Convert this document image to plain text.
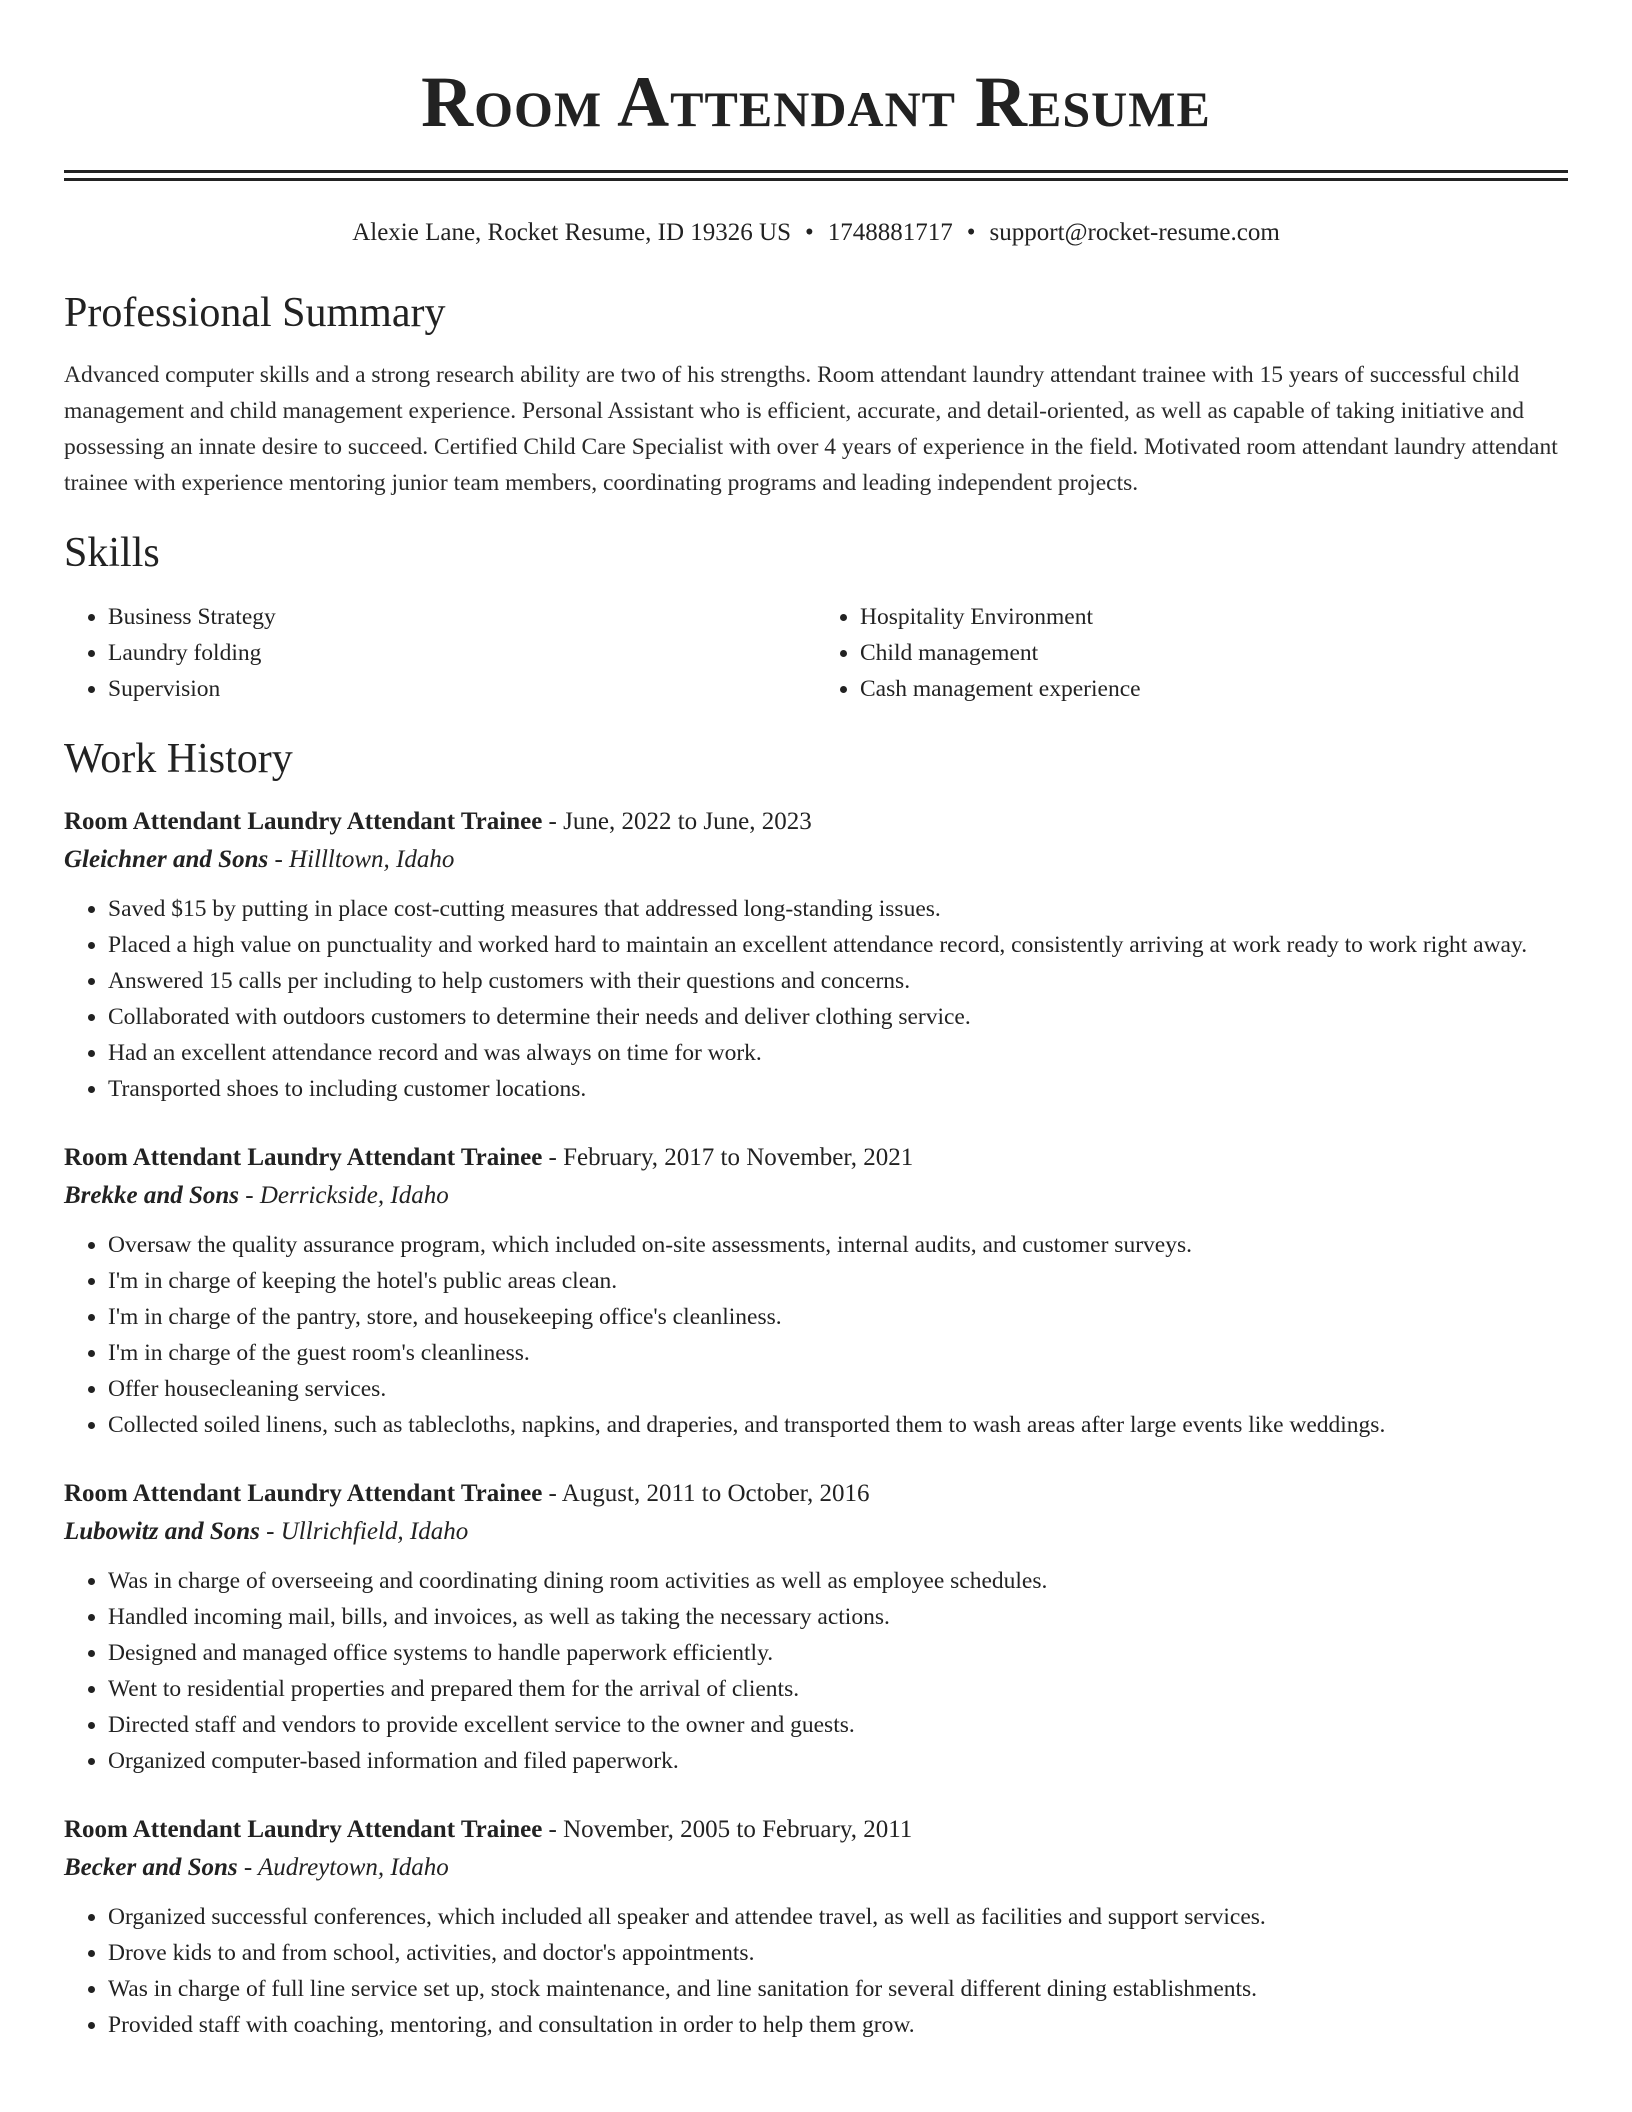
Room Attendant Resume
Alexie Lane, Rocket Resume, ID 19326 US • 1748881717 • support@rocket-resume.com
Professional Summary

Advanced computer skills and a strong research ability are two of his strengths. Room attendant laundry attendant trainee with 15 years of successful child management and child management experience. Personal Assistant who is efficient, accurate, and detail-oriented, as well as capable of taking initiative and possessing an innate desire to succeed. Certified Child Care Specialist with over 4 years of experience in the field. Motivated room attendant laundry attendant trainee with experience mentoring junior team members, coordinating programs and leading independent projects.

Skills
• Business Strategy
• Laundry folding
• Supervision
• Hospitality Environment
• Child management
• Cash management experience
Work History
Room Attendant Laundry Attendant Trainee - June, 2022 to June, 2023
Gleichner and Sons - Hillltown, Idaho
• Saved $15 by putting in place cost-cutting measures that addressed long-standing issues.
• Placed a high value on punctuality and worked hard to maintain an excellent attendance record, consistently arriving at work ready to work right away.
• Answered 15 calls per including to help customers with their questions and concerns.
• Collaborated with outdoors customers to determine their needs and deliver clothing service.
• Had an excellent attendance record and was always on time for work.
• Transported shoes to including customer locations.
Room Attendant Laundry Attendant Trainee - February, 2017 to November, 2021
Brekke and Sons - Derrickside, Idaho
• Oversaw the quality assurance program, which included on-site assessments, internal audits, and customer surveys.
• I'm in charge of keeping the hotel's public areas clean.
• I'm in charge of the pantry, store, and housekeeping office's cleanliness.
• I'm in charge of the guest room's cleanliness.
• Offer housecleaning services.
• Collected soiled linens, such as tablecloths, napkins, and draperies, and transported them to wash areas after large events like weddings.
Room Attendant Laundry Attendant Trainee - August, 2011 to October, 2016
Lubowitz and Sons - Ullrichfield, Idaho
• Was in charge of overseeing and coordinating dining room activities as well as employee schedules.
• Handled incoming mail, bills, and invoices, as well as taking the necessary actions.
• Designed and managed office systems to handle paperwork efficiently.
• Went to residential properties and prepared them for the arrival of clients.
• Directed staff and vendors to provide excellent service to the owner and guests.
• Organized computer-based information and filed paperwork.
Room Attendant Laundry Attendant Trainee - November, 2005 to February, 2011
Becker and Sons - Audreytown, Idaho
• Organized successful conferences, which included all speaker and attendee travel, as well as facilities and support services.
• Drove kids to and from school, activities, and doctor's appointments.
• Was in charge of full line service set up, stock maintenance, and line sanitation for several different dining establishments.
• Provided staff with coaching, mentoring, and consultation in order to help them grow.
